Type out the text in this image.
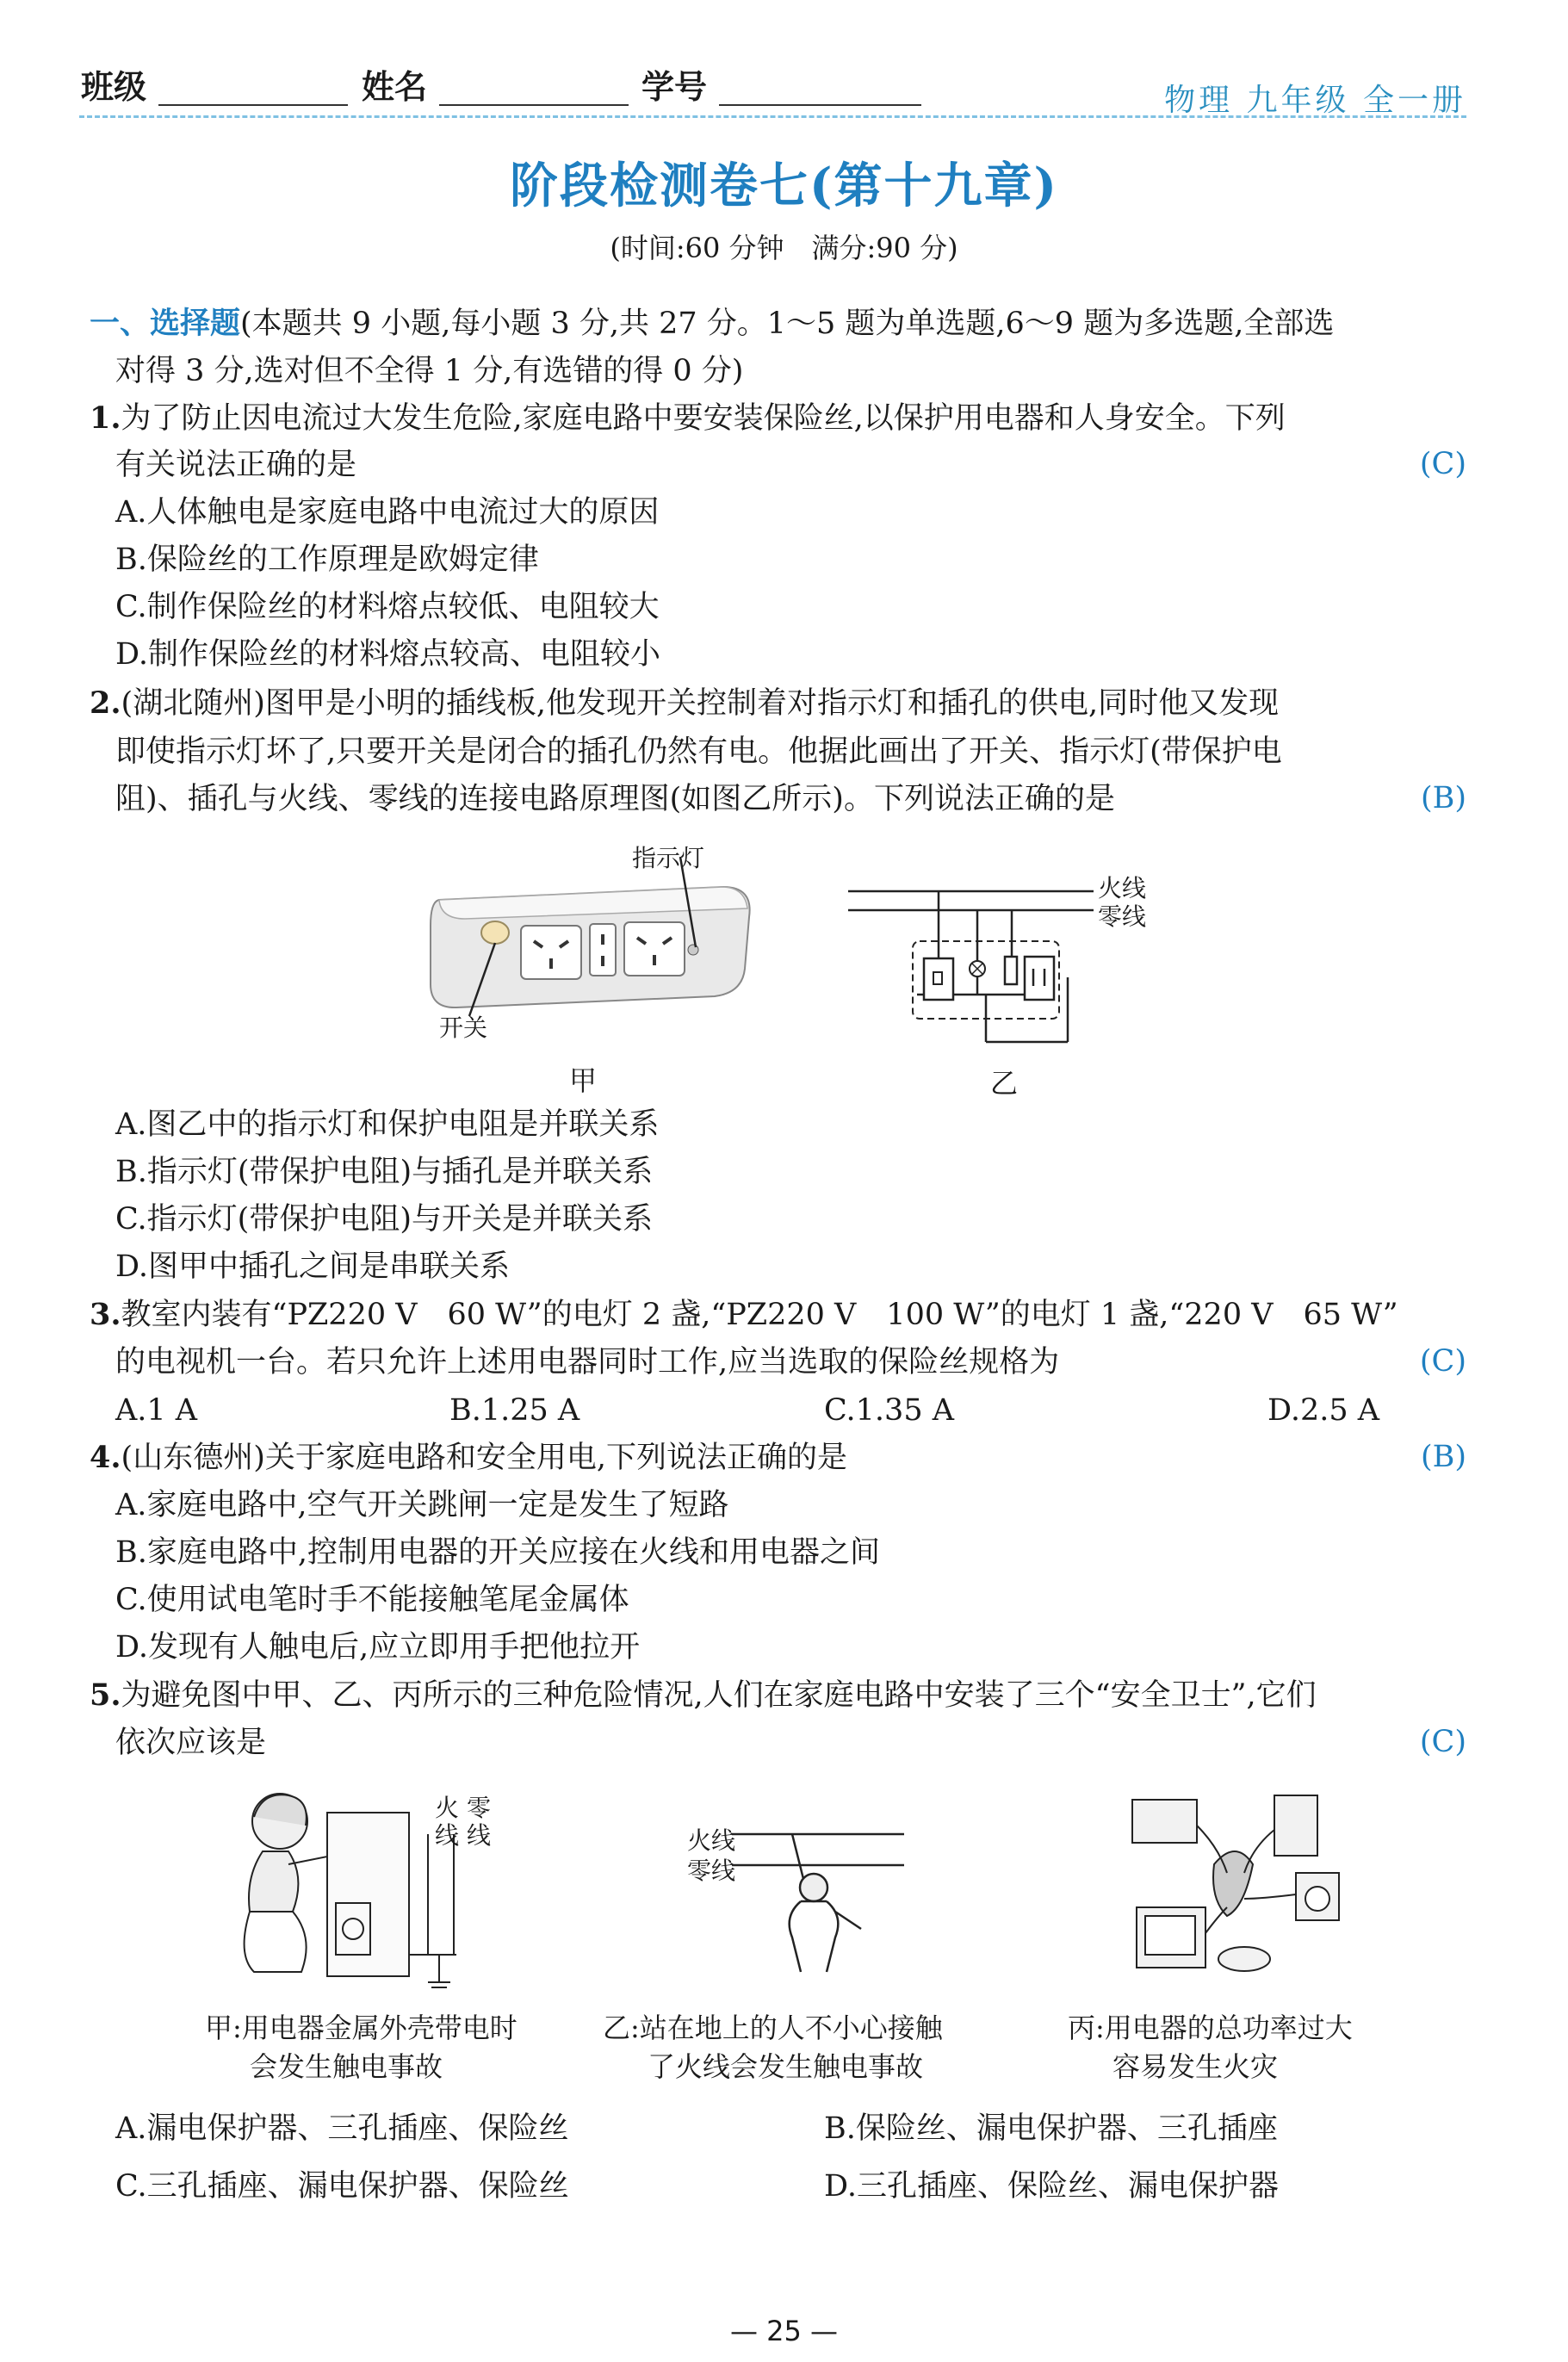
班级	姓名	学号	物理 九年级 全一册
阶段检测卷七(第十九章)
(时间:60 分钟　满分:90 分)
一、选择题(本题共 9 小题,每小题 3 分,共 27 分。1～5 题为单选题,6～9 题为多选题,全部选
对得 3 分,选对但不全得 1 分,有选错的得 0 分)
1.为了防止因电流过大发生危险,家庭电路中要安装保险丝,以保护用电器和人身安全。下列
有关说法正确的是	(C)
A.人体触电是家庭电路中电流过大的原因
B.保险丝的工作原理是欧姆定律
C.制作保险丝的材料熔点较低、电阻较大
D.制作保险丝的材料熔点较高、电阻较小
2.(湖北随州)图甲是小明的插线板,他发现开关控制着对指示灯和插孔的供电,同时他又发现
即使指示灯坏了,只要开关是闭合的插孔仍然有电。他据此画出了开关、指示灯(带保护电
阻)、插孔与火线、零线的连接电路原理图(如图乙所示)。下列说法正确的是	(B)
指示灯
开关
甲
火线
零线
乙
A.图乙中的指示灯和保护电阻是并联关系
B.指示灯(带保护电阻)与插孔是并联关系
C.指示灯(带保护电阻)与开关是并联关系
D.图甲中插孔之间是串联关系
3.教室内装有“PZ220 V　60 W”的电灯 2 盏,“PZ220 V　100 W”的电灯 1 盏,“220 V　65 W”
的电视机一台。若只允许上述用电器同时工作,应当选取的保险丝规格为	(C)
A.1 A	B.1.25 A	C.1.35 A	D.2.5 A
4.(山东德州)关于家庭电路和安全用电,下列说法正确的是	(B)
A.家庭电路中,空气开关跳闸一定是发生了短路
B.家庭电路中,控制用电器的开关应接在火线和用电器之间
C.使用试电笔时手不能接触笔尾金属体
D.发现有人触电后,应立即用手把他拉开
5.为避免图中甲、乙、丙所示的三种危险情况,人们在家庭电路中安装了三个“安全卫士”,它们
依次应该是	(C)
火
线
零
线	火线
零线
甲:用电器金属外壳带电时
会发生触电事故
乙:站在地上的人不小心接触
了火线会发生触电事故
丙:用电器的总功率过大
容易发生火灾
A.漏电保护器、三孔插座、保险丝	B.保险丝、漏电保护器、三孔插座
C.三孔插座、漏电保护器、保险丝	D.三孔插座、保险丝、漏电保护器
— 25 —
